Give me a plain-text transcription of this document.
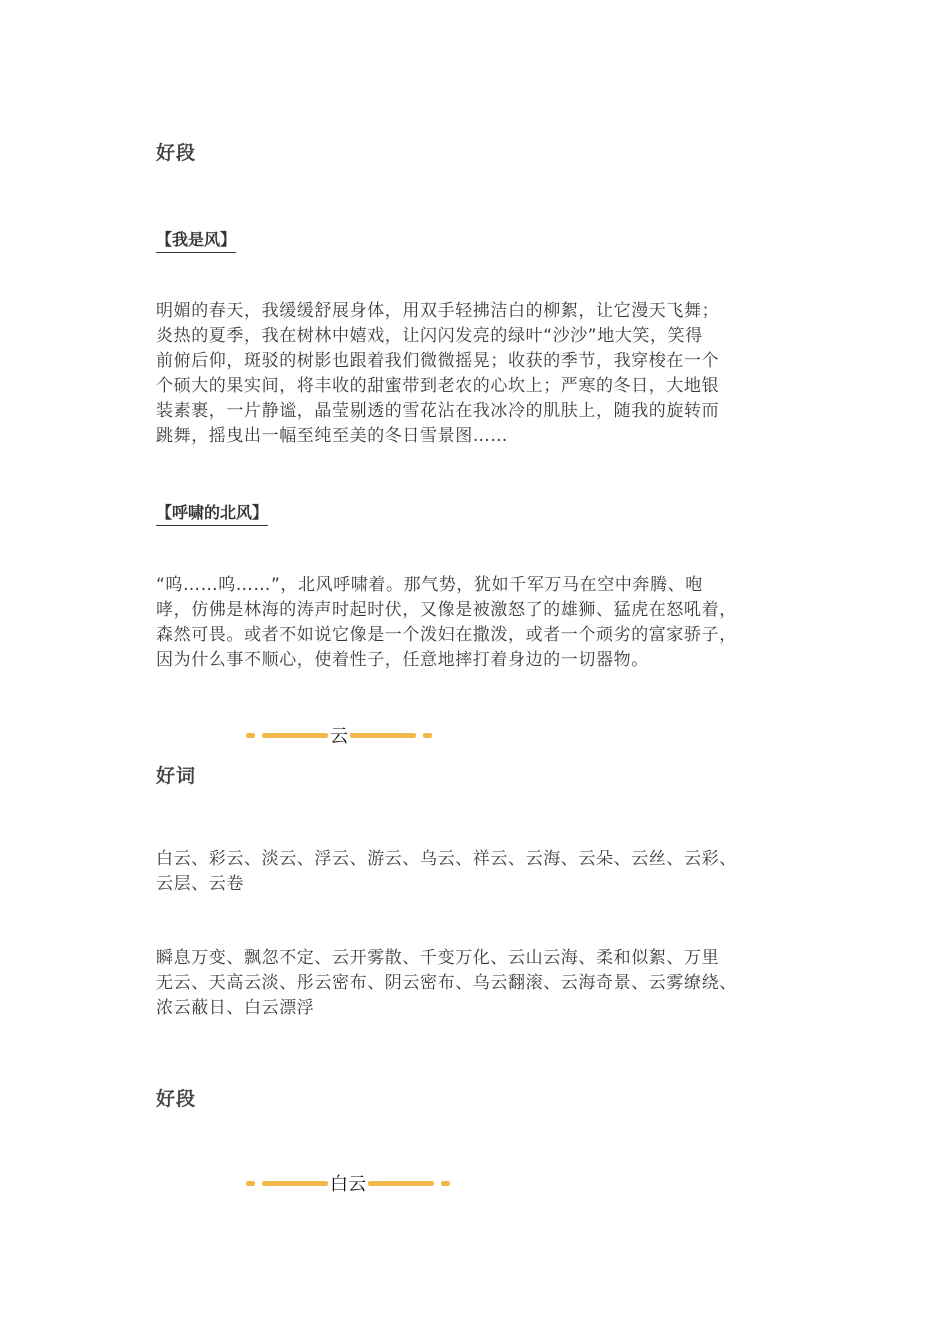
好段
【我是风】
明媚的春天，我缓缓舒展身体，用双手轻拂洁白的柳絮，让它漫天飞舞；
炎热的夏季，我在树林中嬉戏，让闪闪发亮的绿叶“沙沙”地大笑，笑得
前俯后仰，斑驳的树影也跟着我们微微摇晃；收获的季节，我穿梭在一个
个硕大的果实间，将丰收的甜蜜带到老农的心坎上；严寒的冬日，大地银
装素裹，一片静谧，晶莹剔透的雪花沾在我冰冷的肌肤上，随我的旋转而
跳舞，摇曳出一幅至纯至美的冬日雪景图……
【呼啸的北风】
“呜……呜……”，北风呼啸着。那气势，犹如千军万马在空中奔腾、咆
哮，仿佛是林海的涛声时起时伏，又像是被激怒了的雄狮、猛虎在怒吼着，
森然可畏。或者不如说它像是一个泼妇在撒泼，或者一个顽劣的富家骄子，
因为什么事不顺心，使着性子，任意地摔打着身边的一切器物。
云
好词
白云、彩云、淡云、浮云、游云、乌云、祥云、云海、云朵、云丝、云彩、
云层、云卷
瞬息万变、飘忽不定、云开雾散、千变万化、云山云海、柔和似絮、万里
无云、天高云淡、彤云密布、阴云密布、乌云翻滚、云海奇景、云雾缭绕、
浓云蔽日、白云漂浮
好段
白云
